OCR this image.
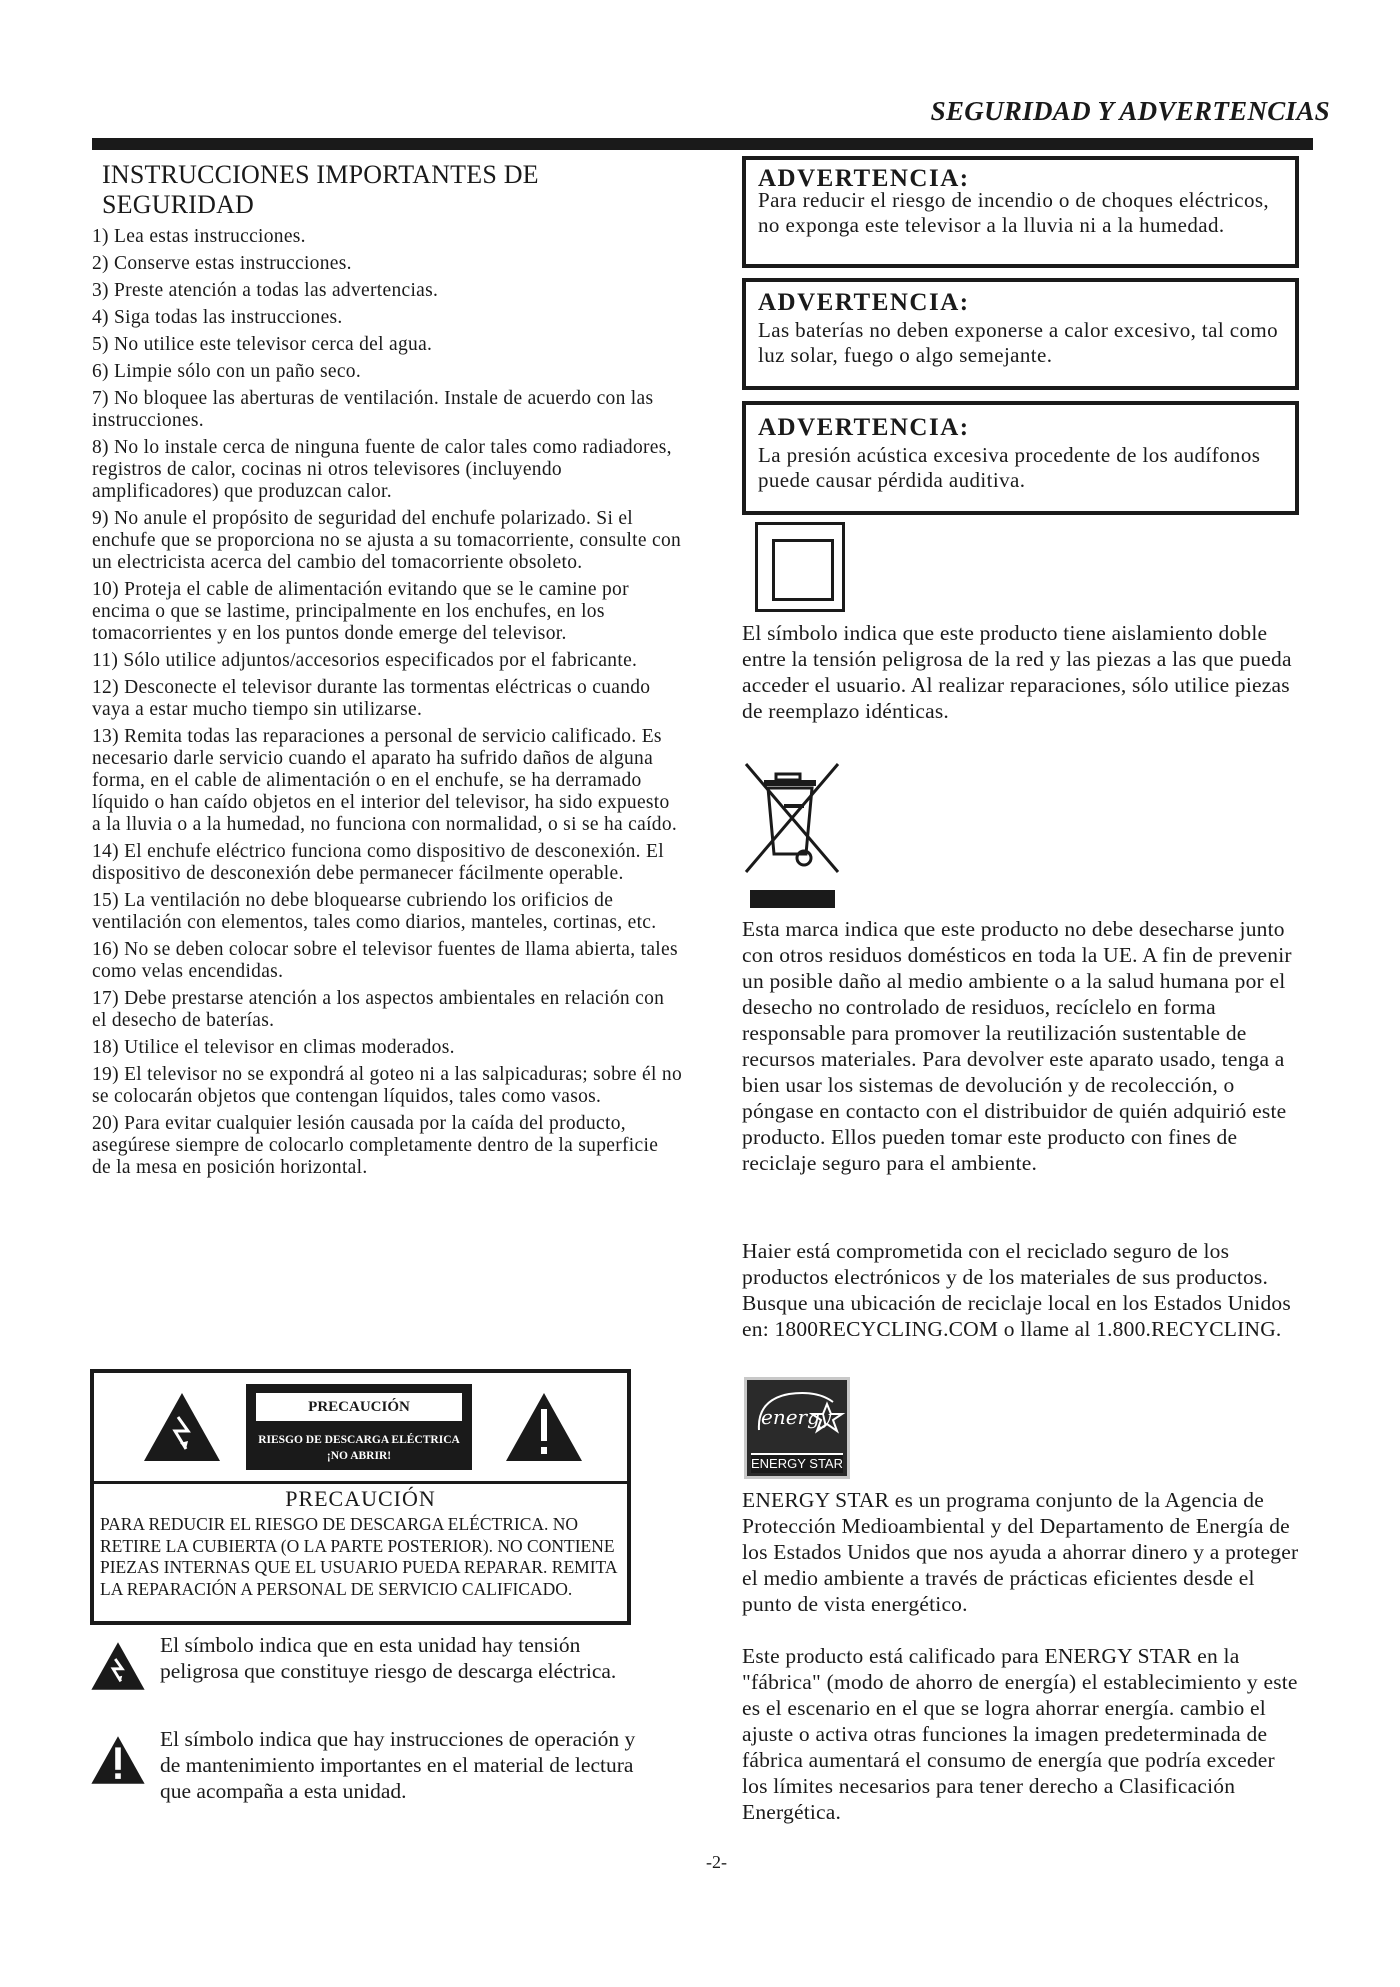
SEGURIDAD Y ADVERTENCIAS
INSTRUCCIONES IMPORTANTES DE SEGURIDAD
1) Lea estas instrucciones.
2) Conserve estas instrucciones.
3) Preste atención a todas las advertencias.
4) Siga todas las instrucciones.
5) No utilice este televisor cerca del agua.
6) Limpie sólo con un paño seco.
7) No bloquee las aberturas de ventilación. Instale de acuerdo con las instrucciones.
8) No lo instale cerca de ninguna fuente de calor tales como radiadores, registros de calor, cocinas ni otros televisores (incluyendo amplificadores) que produzcan calor.
9) No anule el propósito de seguridad del enchufe polarizado. Si el enchufe que se proporciona no se ajusta a su tomacorriente, consulte con un electricista acerca del cambio del tomacorriente obsoleto.
10) Proteja el cable de alimentación evitando que se le camine por encima o que se lastime, principalmente en los enchufes, en los tomacorrientes y en los puntos donde emerge del televisor.
11) Sólo utilice adjuntos/accesorios especificados por el fabricante.
12) Desconecte el televisor durante las tormentas eléctricas o cuando vaya a estar mucho tiempo sin utilizarse.
13) Remita todas las reparaciones a personal de servicio calificado. Es necesario darle servicio cuando el aparato ha sufrido daños de alguna forma, en el cable de alimentación o en el enchufe, se ha derramado líquido o han caído objetos en el interior del televisor, ha sido expuesto a la lluvia o a la humedad, no funciona con normalidad, o si se ha caído.
14) El enchufe eléctrico funciona como dispositivo de desconexión. El dispositivo de desconexión debe permanecer fácilmente operable.
15) La ventilación no debe bloquearse cubriendo los orificios de ventilación con elementos, tales como diarios, manteles, cortinas, etc.
16) No se deben colocar sobre el televisor fuentes de llama abierta, tales como velas encendidas.
17) Debe prestarse atención a los aspectos ambientales en relación con el desecho de baterías.
18) Utilice el televisor en climas moderados.
19) El televisor no se expondrá al goteo ni a las salpicaduras; sobre él no se colocarán objetos que contengan líquidos, tales como vasos.
20) Para evitar cualquier lesión causada por la caída del producto, asegúrese siempre de colocarlo completamente dentro de la superficie de la mesa en posición horizontal.
PRECAUCIÓN
RIESGO DE DESCARGA ELÉCTRICA
¡NO ABRIR!
PRECAUCIÓN
PARA REDUCIR EL RIESGO DE DESCARGA ELÉCTRICA. NO RETIRE LA CUBIERTA (O LA PARTE POSTERIOR). NO CONTIENE PIEZAS INTERNAS QUE EL USUARIO PUEDA REPARAR. REMITA LA REPARACIÓN A PERSONAL DE SERVICIO CALIFICADO.
El símbolo indica que en esta unidad hay tensión peligrosa que constituye riesgo de descarga eléctrica.
El símbolo indica que hay instrucciones de operación y de mantenimiento importantes en el material de lectura que acompaña a esta unidad.
ADVERTENCIA:
Para reducir el riesgo de incendio o de choques eléctricos, no exponga este televisor a la lluvia ni a la humedad.
ADVERTENCIA:
Las baterías no deben exponerse a calor excesivo, tal como luz solar, fuego o algo semejante.
ADVERTENCIA:
La presión acústica excesiva procedente de los audífonos puede causar pérdida auditiva.
El símbolo indica que este producto tiene aislamiento doble entre la tensión peligrosa de la red y las piezas a las que pueda acceder el usuario. Al realizar reparaciones, sólo utilice piezas de reemplazo idénticas.
Esta marca indica que este producto no debe desecharse junto con otros residuos domésticos en toda la UE. A fin de prevenir un posible daño al medio ambiente o a la salud humana por el desecho no controlado de residuos, recíclelo en forma responsable para promover la reutilización sustentable de recursos materiales. Para devolver este aparato usado, tenga a bien usar los sistemas de devolución y de recolección, o póngase en contacto con el distribuidor de quién adquirió este producto. Ellos pueden tomar este producto con fines de reciclaje seguro para el ambiente.
Haier está comprometida con el reciclado seguro de los productos electrónicos y de los materiales de sus productos. Busque una ubicación de reciclaje local en los Estados Unidos en: 1800RECYCLING.COM o llame al 1.800.RECYCLING.
energy
ENERGY STAR
ENERGY STAR es un programa conjunto de la Agencia de Protección Medioambiental y del Departamento de Energía de los Estados Unidos que nos ayuda a ahorrar dinero y a proteger el medio ambiente a través de prácticas eficientes desde el punto de vista energético.
Este producto está calificado para ENERGY STAR en la "fábrica" (modo de ahorro de energía) el establecimiento y este es el escenario en el que se logra ahorrar energía. cambio el ajuste o activa otras funciones la imagen predeterminada de fábrica aumentará el consumo de energía que podría exceder los límites necesarios para tener derecho a Clasificación Energética.
-2-
